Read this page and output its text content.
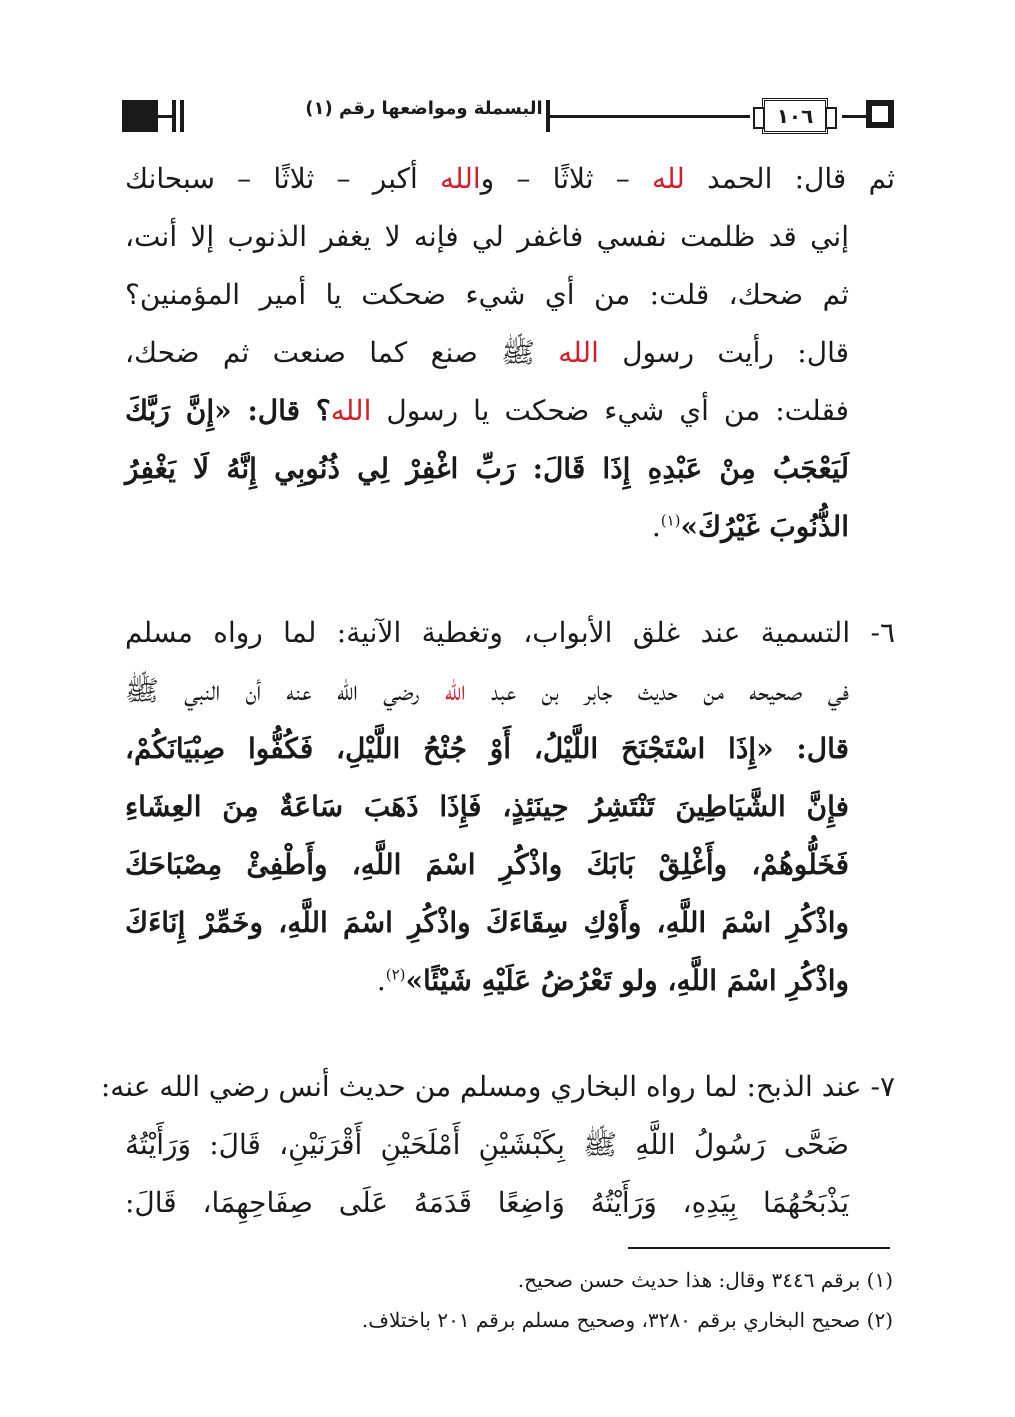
البسملة ومواضعها رقم (١)	١٠٦
ثم قال: الحمد لله – ثلاثًا – والله أكبر – ثلاثًا – سبحانك
إني قد ظلمت نفسي فاغفر لي فإنه لا يغفر الذنوب إلا أنت،
ثم ضحك، قلت: من أي شيء ضحكت يا أمير المؤمنين؟
قال: رأيت رسول الله ﷺ صنع كما صنعت ثم ضحك،
فقلت: من أي شيء ضحكت يا رسول الله؟ قال: «إِنَّ رَبَّكَ
لَيَعْجَبُ مِنْ عَبْدِهِ إِذَا قَالَ: رَبِّ اغْفِرْ لِي ذُنُوبِي إِنَّهُ لَا يَغْفِرُ
الذُّنُوبَ غَيْرُكَ»$^{(١)}$.
٦- التسمية عند غلق الأبواب، وتغطية الآنية: لما رواه مسلم
في صحيحه من حديث جابر بن عبد الله رضي الله عنه أن النبي ﷺ
قال: «إِذَا اسْتَجْنَحَ اللَّيْلُ، أَوْ جُنْحُ اللَّيْلِ، فَكُفُّوا صِبْيَانَكُمْ،
فإِنَّ الشَّيَاطِينَ تَنْتَشِرُ حِينَئِذٍ، فَإِذَا ذَهَبَ سَاعَةٌ مِنَ العِشَاءِ
فَخَلُّوهُمْ، وأَغْلِقْ بَابَكَ واذْكُرِ اسْمَ اللَّهِ، وأَطْفِئْ مِصْبَاحَكَ
واذْكُرِ اسْمَ اللَّهِ، وأَوْكِ سِقَاءَكَ واذْكُرِ اسْمَ اللَّهِ، وخَمِّرْ إِنَاءَكَ
واذْكُرِ اسْمَ اللَّهِ، ولو تَعْرُضُ عَلَيْهِ شَيْئًا»$^{(٢)}$.
٧- عند الذبح: لما رواه البخاري ومسلم من حديث أنس رضي الله عنه:
ضَحَّى رَسُولُ اللَّهِ ﷺ بِكَبْشَيْنِ أَمْلَحَيْنِ أَقْرَنَيْنِ، قَالَ: وَرَأَيْتُهُ
يَذْبَحُهُمَا بِيَدِهِ، وَرَأَيْتُهُ وَاضِعًا قَدَمَهُ عَلَى صِفَاحِهِمَا، قَالَ:
(١) برقم ٣٤٤٦ وقال: هذا حديث حسن صحيح.
(٢) صحيح البخاري برقم ٣٢٨٠، وصحيح مسلم برقم ٢٠١ باختلاف.
